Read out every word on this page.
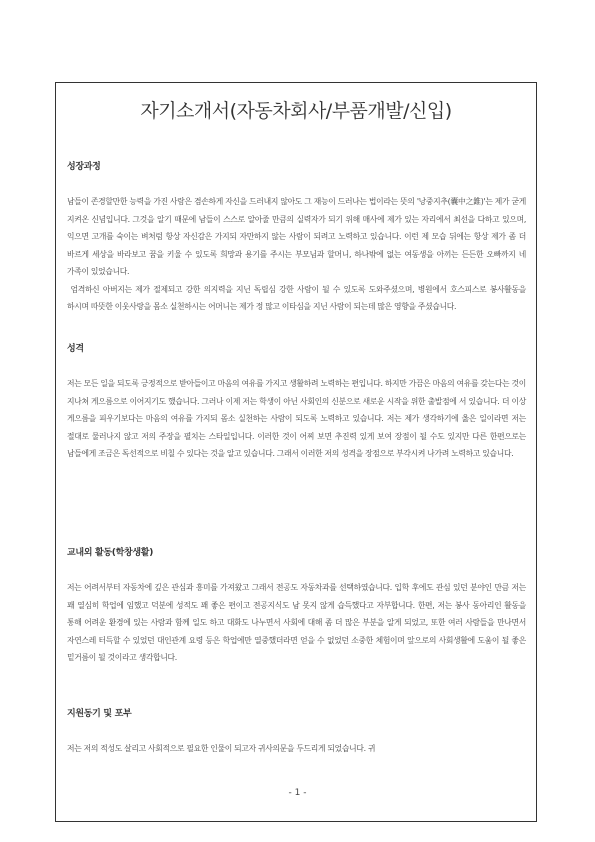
자기소개서(자동차회사/부품개발/신입)
성장과정

남들이 존경할만한 능력을 가진 사람은 겸손하게 자신을 드러내지 않아도 그 재능이 드러나는 법이라는 뜻의 '낭중지추(囊中之錐)'는 제가 굳게 지켜온 신념입니다. 그것을 알기 때문에 남들이 스스로 알아줄 만큼의 실력자가 되기 위해 매사에 제가 있는 자리에서 최선을 다하고 있으며, 익으면 고개를 숙이는 벼처럼 항상 자신감은 가지되 자만하지 않는 사람이 되려고 노력하고 있습니다. 이런 제 모습 뒤에는 항상 제가 좀 더 바르게 세상을 바라보고 꿈을 키울 수 있도록 희망과 용기를 주시는 부모님과 할머니, 하나밖에 없는 여동생을 아끼는 든든한 오빠까지 네 가족이 있었습니다.

엄격하신 아버지는 제가 절제되고 강한 의지력을 지닌 독립심 강한 사람이 될 수 있도록 도와주셨으며, 병원에서 호스피스로 봉사활동을 하시며 따뜻한 이웃사랑을 몸소 실천하시는 어머니는 제가 정 많고 이타심을 지닌 사람이 되는데 많은 영향을 주셨습니다.

성격

저는 모든 일을 되도록 긍정적으로 받아들이고 마음의 여유를 가지고 생활하려 노력하는 편입니다. 하지만 가끔은 마음의 여유를 갖는다는 것이 지나쳐 게으름으로 이어지기도 했습니다. 그러나 이제 저는 학생이 아닌 사회인의 신분으로 새로운 시작을 위한 출발점에 서 있습니다. 더 이상 게으름을 피우기보다는 마음의 여유를 가지되 몸소 실천하는 사람이 되도록 노력하고 있습니다. 저는 제가 생각하기에 옳은 일이라면 저는 절대로 물러나지 않고 저의 주장을 펼치는 스타일입니다. 이러한 것이 어찌 보면 추진력 있게 보여 장점이 될 수도 있지만 다른 한편으로는 남들에게 조금은 독선적으로 비칠 수 있다는 것을 알고 있습니다. 그래서 이러한 저의 성격을 장점으로 부각시켜 나가려 노력하고 있습니다.

교내외 활동(학창생활)

저는 어려서부터 자동차에 깊은 관심과 흥미를 가져왔고 그래서 전공도 자동차과를 선택하였습니다. 입학 후에도 관심 있던 분야인 만큼 저는 꽤 열심히 학업에 임했고 덕분에 성적도 꽤 좋은 편이고 전공지식도 남 못지 않게 습득했다고 자부합니다. 한편, 저는 봉사 동아리인 활동을 통해 어려운 환경에 있는 사람과 함께 일도 하고 대화도 나누면서 사회에 대해 좀 더 많은 부분을 알게 되었고, 또한 여러 사람들을 만나면서 자연스레 터득할 수 있었던 대인관계 요령 등은 학업에만 열중했더라면 얻을 수 없었던 소중한 체험이며 앞으로의 사회생활에 도움이 될 좋은 밑거름이 될 것이라고 생각합니다.

지원동기 및 포부

저는 저의 적성도 살리고 사회적으로 필요한 인물이 되고자 귀사의문을 두드리게 되었습니다. 귀

- 1 -
